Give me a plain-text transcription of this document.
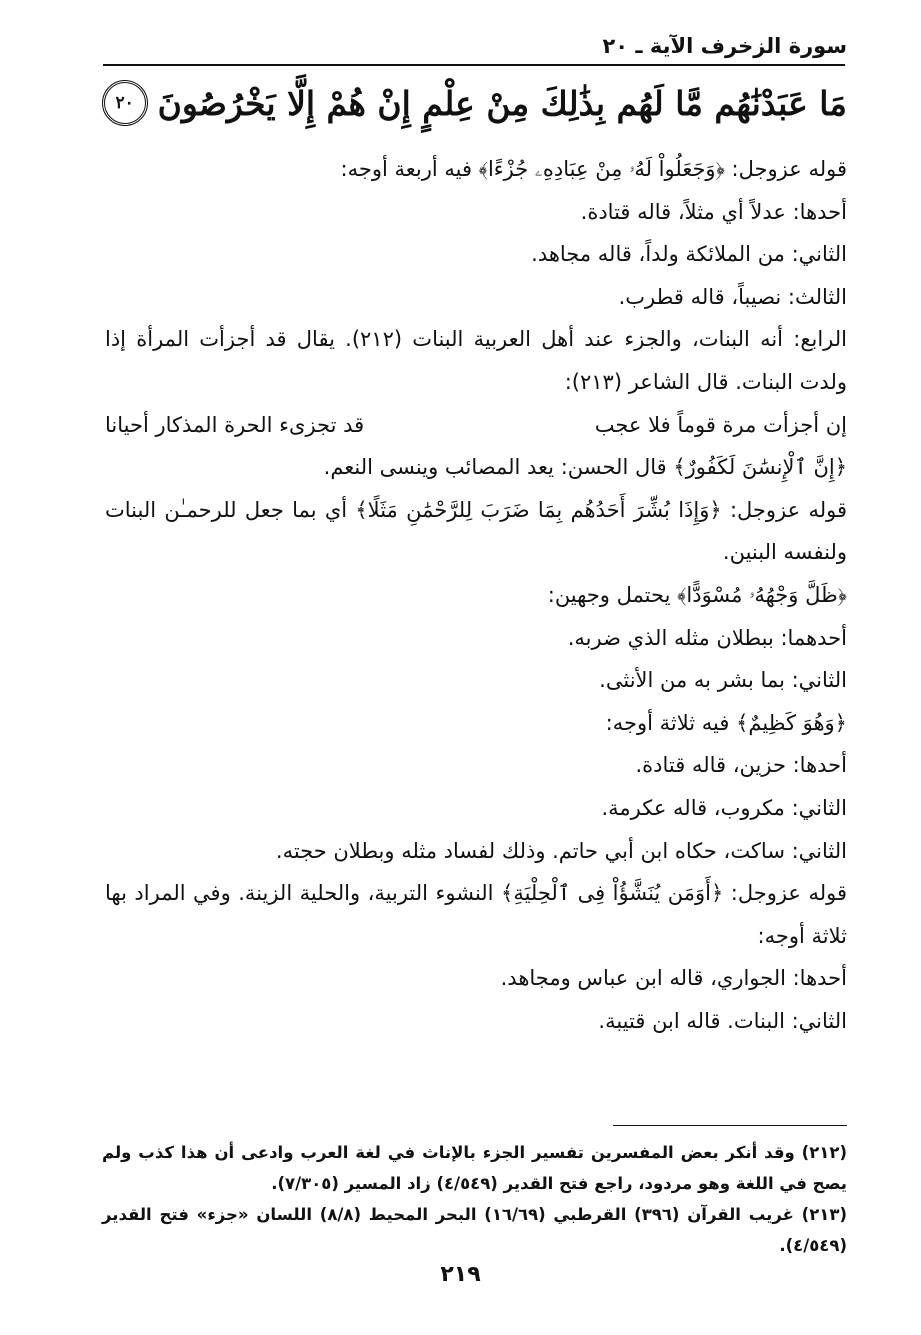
سورة الزخرف الآية ـ ٢٠
مَا عَبَدْنَٰهُم مَّا لَهُم بِذَٰلِكَ مِنْ عِلْمٍ إِنْ هُمْ إِلَّا يَخْرُصُونَ
٢٠

قوله عزوجل: ﴿وَجَعَلُواْ لَهُۥ مِنْ عِبَادِهِۦ جُزْءًا﴾ فيه أربعة أوجه:

أحدها: عدلاً أي مثلاً، قاله قتادة.

الثاني: من الملائكة ولداً، قاله مجاهد.

الثالث: نصيباً، قاله قطرب.

الرابع: أنه البنات، والجزء عند أهل العربية البنات (٢١٢). يقال قد أجزأت المرأة إذا ولدت البنات. قال الشاعر (٢١٣):

إن أجزأت مرة قوماً فلا عجب
قد تجزىء الحرة المذكار أحيانا

﴿إِنَّ ٱلْإِنسَٰنَ لَكَفُورٌ﴾ قال الحسن: يعد المصائب وينسى النعم.

قوله عزوجل: ﴿وَإِذَا بُشِّرَ أَحَدُهُم بِمَا ضَرَبَ لِلرَّحْمَٰنِ مَثَلًا﴾ أي بما جعل للرحمـٰن البنات ولنفسه البنين.

﴿ظَلَّ وَجْهُهُۥ مُسْوَدًّا﴾ يحتمل وجهين:

أحدهما: ببطلان مثله الذي ضربه.

الثاني: بما بشر به من الأنثى.

﴿وَهُوَ كَظِيمٌ﴾ فيه ثلاثة أوجه:

أحدها: حزين، قاله قتادة.

الثاني: مكروب، قاله عكرمة.

الثاني: ساكت، حكاه ابن أبي حاتم. وذلك لفساد مثله وبطلان حجته.

قوله عزوجل: ﴿أَوَمَن يُنَشَّؤُاْ فِى ٱلْحِلْيَةِ﴾ النشوء التربية، والحلية الزينة. وفي المراد بها ثلاثة أوجه:

أحدها: الجواري، قاله ابن عباس ومجاهد.

الثاني: البنات. قاله ابن قتيبة.

(٢١٢) وقد أنكر بعض المفسرين تفسير الجزء بالإناث في لغة العرب وادعى أن هذا كذب ولم يصح في اللغة وهو مردود، راجع فتح القدير (٤/٥٤٩) زاد المسير (٧/٣٠٥).

(٢١٣) غريب القرآن (٣٩٦) القرطبي (١٦/٦٩) البحر المحيط (٨/٨) اللسان «جزء» فتح القدير (٤/٥٤٩).

٢١٩
